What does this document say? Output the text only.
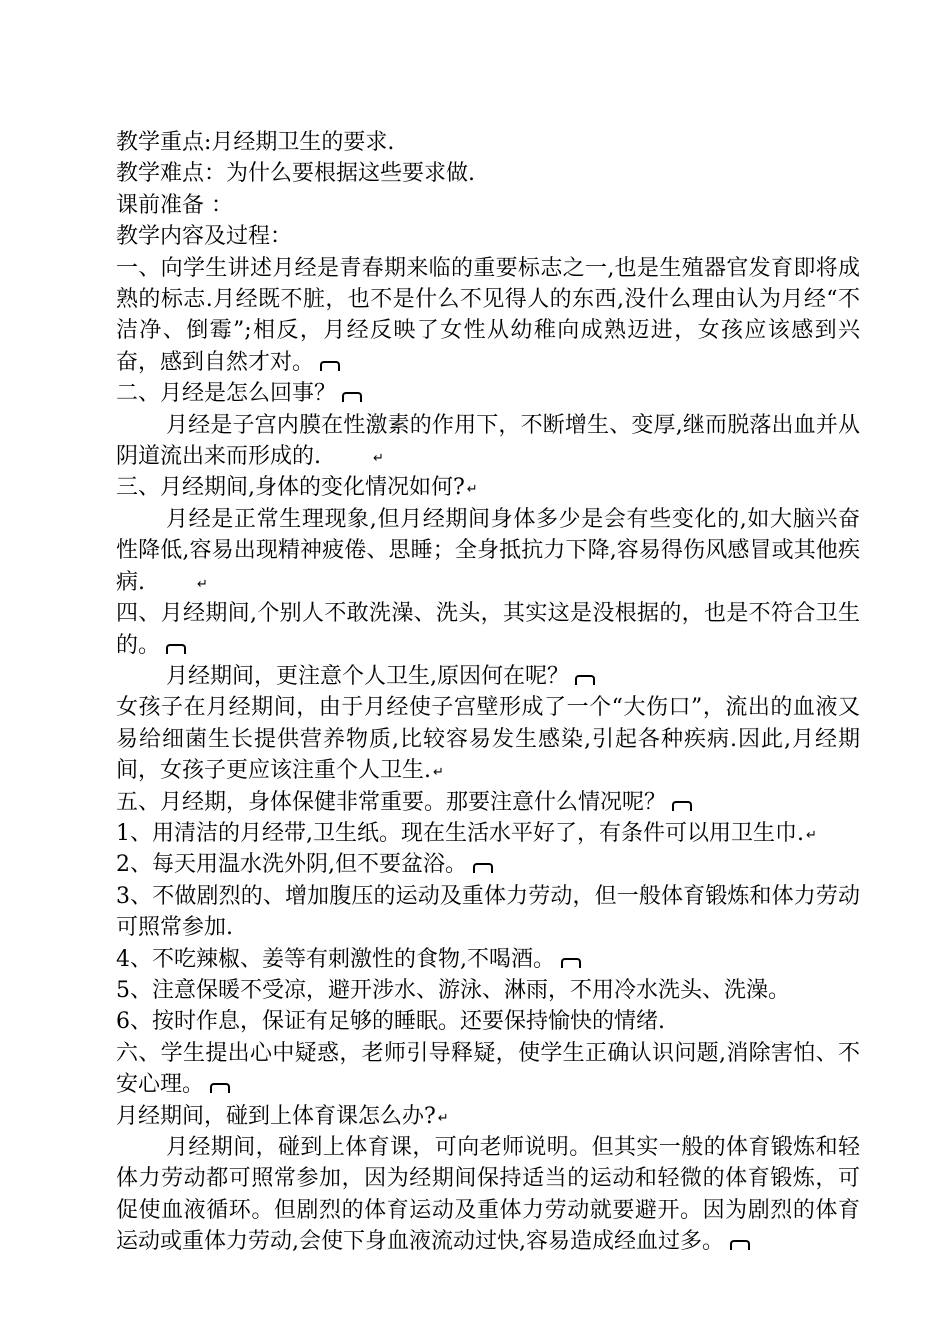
教学重点:月经期卫生的要求.

教学难点：为什么要根据这些要求做.

课前准备 ：

教学内容及过程：

一、向学生讲述月经是青春期来临的重要标志之一,也是生殖器官发育即将成熟的标志.月经既不脏，也不是什么不见得人的东西,没什么理由认为月经“不洁净、倒霉”;相反，月经反映了女性从幼稚向成熟迈进，女孩应该感到兴奋，感到自然才对。

二、月经是怎么回事？

月经是子宫内膜在性激素的作用下，不断增生、变厚,继而脱落出血并从阴道流出来而形成的.	↵

三、月经期间,身体的变化情况如何? ↵

月经是正常生理现象,但月经期间身体多少是会有些变化的,如大脑兴奋性降低,容易出现精神疲倦、思睡；全身抵抗力下降,容易得伤风感冒或其他疾病.	↵

四、月经期间,个别人不敢洗澡、洗头，其实这是没根据的，也是不符合卫生的。

月经期间，更注意个人卫生,原因何在呢？

女孩子在月经期间，由于月经使子宫壁形成了一个“大伤口”，流出的血液又易给细菌生长提供营养物质,比较容易发生感染,引起各种疾病.因此,月经期间，女孩子更应该注重个人卫生. ↵

五、月经期，身体保健非常重要。那要注意什么情况呢？

1、用清洁的月经带,卫生纸。现在生活水平好了，有条件可以用卫生巾. ↵

2、每天用温水洗外阴,但不要盆浴。

3、不做剧烈的、增加腹压的运动及重体力劳动，但一般体育锻炼和体力劳动可照常参加.

4、不吃辣椒、姜等有刺激性的食物,不喝酒。

5、注意保暖不受凉，避开涉水、游泳、淋雨，不用冷水洗头、洗澡。

6、按时作息，保证有足够的睡眠。还要保持愉快的情绪.

六、学生提出心中疑惑，老师引导释疑，使学生正确认识问题,消除害怕、不安心理。

月经期间，碰到上体育课怎么办? ↵

月经期间，碰到上体育课，可向老师说明。但其实一般的体育锻炼和轻体力劳动都可照常参加，因为经期间保持适当的运动和轻微的体育锻炼，可促使血液循环。但剧烈的体育运动及重体力劳动就要避开。因为剧烈的体育运动或重体力劳动,会使下身血液流动过快,容易造成经血过多。
